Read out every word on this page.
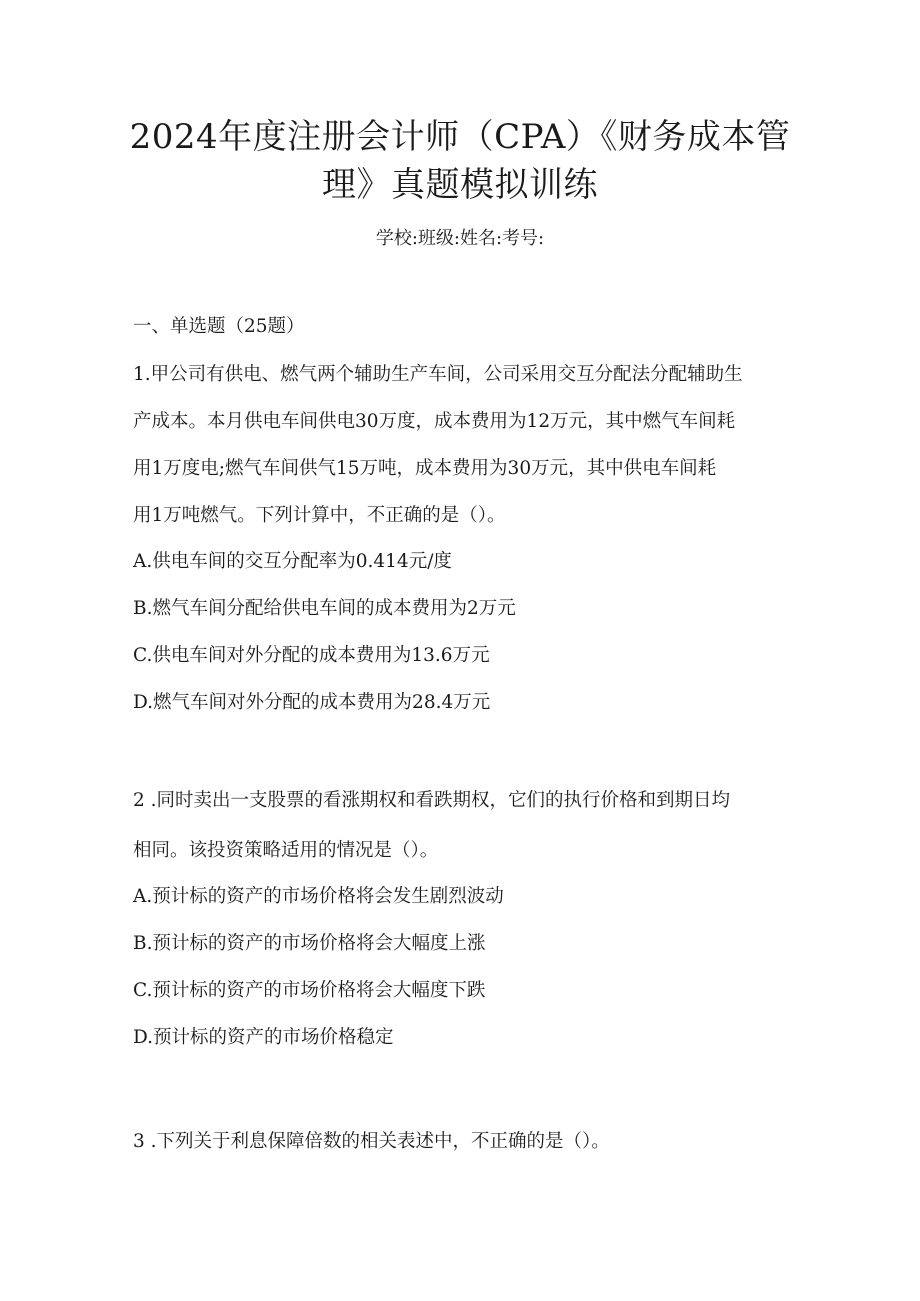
2024年度注册会计师（CPA）《财务成本管
理》真题模拟训练
学校:班级:姓名:考号:
一、单选题（25题）
1.甲公司有供电、燃气两个辅助生产车间，公司采用交互分配法分配辅助生
产成本。本月供电车间供电30万度，成本费用为12万元，其中燃气车间耗
用1万度电;燃气车间供气15万吨，成本费用为30万元，其中供电车间耗
用1万吨燃气。下列计算中，不正确的是（）。
A.供电车间的交互分配率为0.414元/度
B.燃气车间分配给供电车间的成本费用为2万元
C.供电车间对外分配的成本费用为13.6万元
D.燃气车间对外分配的成本费用为28.4万元
2 .同时卖出一支股票的看涨期权和看跌期权，它们的执行价格和到期日均
相同。该投资策略适用的情况是（）。
A.预计标的资产的市场价格将会发生剧烈波动
B.预计标的资产的市场价格将会大幅度上涨
C.预计标的资产的市场价格将会大幅度下跌
D.预计标的资产的市场价格稳定
3 .下列关于利息保障倍数的相关表述中，不正确的是（）。
